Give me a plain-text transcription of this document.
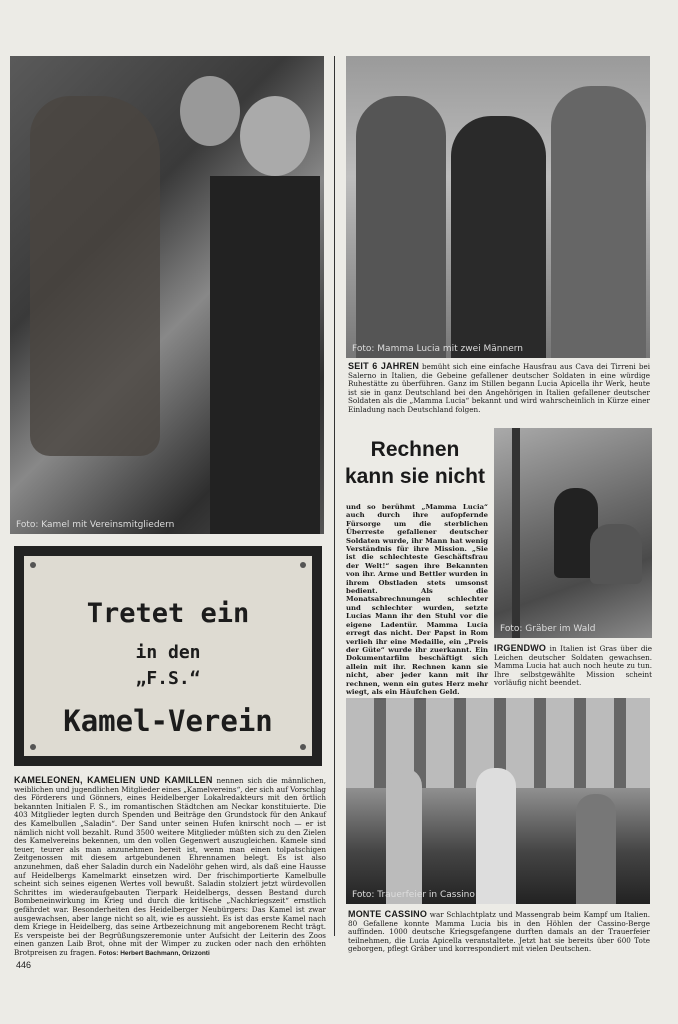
Foto: Kamel mit Vereinsmitgliedern
Foto: Mamma Lucia mit zwei Männern
Tretet ein
in den
„F.S.“
Kamel-Verein

KAMELEONEN, KAMELIEN UND KAMILLEN nennen sich die männlichen, weiblichen und jugendlichen Mitglieder eines „Kamelvereins“, der sich auf Vorschlag des Förderers und Gönners, eines Heidelberger Lokalredakteurs mit den örtlich bekannten Initialen F. S., im romantischen Städtchen am Neckar konstituierte. Die 403 Mitglieder legten durch Spenden und Beiträge den Grundstock für den Ankauf des Kamelbullen „Saladin“. Der Sand unter seinen Hufen knirscht noch — er ist nämlich nicht voll bezahlt. Rund 3500 weitere Mitglieder müßten sich zu den Zielen des Kamelvereins bekennen, um den vollen Gegenwert auszugleichen. Kamele sind teuer, teurer als man anzunehmen bereit ist, wenn man einen tolpatschigen Zeitgenossen mit diesem artgebundenen Ehrennamen belegt. Es ist also anzunehmen, daß eher Saladin durch ein Nadelöhr gehen wird, als daß eine Hausse auf Heidelbergs Kamelmarkt einsetzen wird. Der frischimportierte Kamelbulle scheint sich seines eigenen Wertes voll bewußt. Saladin stolziert jetzt würdevollen Schrittes im wiederaufgebauten Tierpark Heidelbergs, dessen Bestand durch Bombeneinwirkung im Krieg und durch die kritische „Nachkriegszeit“ ernstlich gefährdet war. Besonderheiten des Heidelberger Neubürgers: Das Kamel ist zwar ausgewachsen, aber lange nicht so alt, wie es aussieht. Es ist das erste Kamel nach dem Kriege in Heidelberg, das seine Artbezeichnung mit angeborenem Recht trägt. Es verspeiste bei der Begrüßungszeremonie unter Aufsicht der Leiterin des Zoos einen ganzen Laib Brot, ohne mit der Wimper zu zucken oder nach den erhöhten Brotpreisen zu fragen. Fotos: Herbert Bachmann, Orizzonti

SEIT 6 JAHREN bemüht sich eine einfache Hausfrau aus Cava dei Tirreni bei Salerno in Italien, die Gebeine gefallener deutscher Soldaten in eine würdige Ruhestätte zu überführen. Ganz im Stillen begann Lucia Apicella ihr Werk, heute ist sie in ganz Deutschland bei den Angehörigen in Italien gefallener deutscher Soldaten als die „Mamma Lucia“ bekannt und wird wahrscheinlich in Kürze einer Einladung nach Deutschland folgen.

Rechnen
kann sie nicht

und so berühmt „Mamma Lucia“ auch durch ihre aufopfernde Fürsorge um die sterblichen Überreste gefallener deutscher Soldaten wurde, ihr Mann hat wenig Verständnis für ihre Mission. „Sie ist die schlechteste Geschäftsfrau der Welt!“ sagen ihre Bekannten von ihr. Arme und Bettler wurden in ihrem Obstladen stets umsonst bedient. Als die Monatsabrechnungen schlechter und schlechter wurden, setzte Lucias Mann ihr den Stuhl vor die eigene Ladentür. Mamma Lucia erregt das nicht. Der Papst in Rom verlieh ihr eine Medaille, ein „Preis der Güte“ wurde ihr zuerkannt. Ein Dokumentarfilm beschäftigt sich allein mit ihr. Rechnen kann sie nicht, aber jeder kann mit ihr rechnen, wenn ein gutes Herz mehr wiegt, als ein Häufchen Geld.

Foto: Gräber im Wald

IRGENDWO in Italien ist Gras über die Leichen deutscher Soldaten gewachsen. Mamma Lucia hat auch noch heute zu tun. Ihre selbstgewählte Mission scheint vorläufig nicht beendet.

Foto: Trauerfeier in Cassino

MONTE CASSINO war Schlachtplatz und Massengrab beim Kampf um Italien. 80 Gefallene konnte Mamma Lucia bis in den Höhlen der Cassino-Berge auffinden. 1000 deutsche Kriegsgefangene durften damals an der Trauerfeier teilnehmen, die Lucia Apicella veranstaltete. Jetzt hat sie bereits über 600 Tote geborgen, pflegt Gräber und korrespondiert mit vielen Deutschen.

446
